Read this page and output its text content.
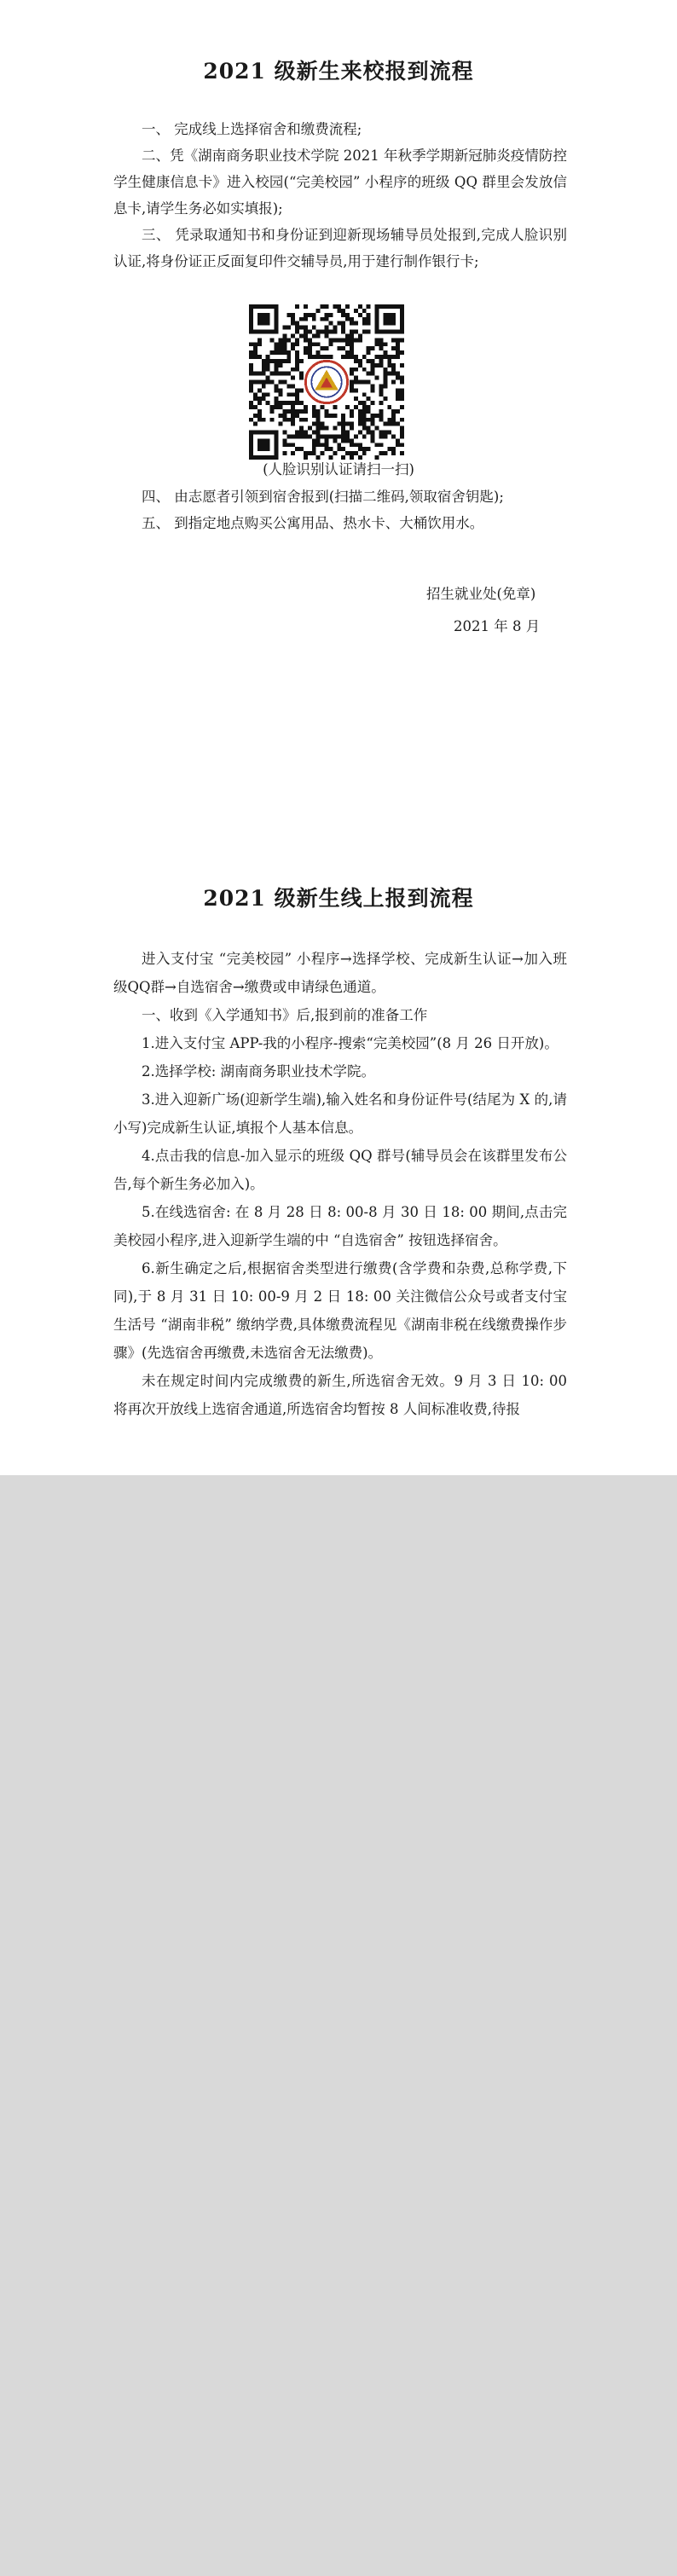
2021 级新生来校报到流程

一、 完成线上选择宿舍和缴费流程;

二、凭《湖南商务职业技术学院 2021 年秋季学期新冠肺炎疫情防控学生健康信息卡》进入校园(“完美校园” 小程序的班级 QQ 群里会发放信息卡,请学生务必如实填报);

三、 凭录取通知书和身份证到迎新现场辅导员处报到,完成人脸识别认证,将身份证正反面复印件交辅导员,用于建行制作银行卡;

(人脸识别认证请扫一扫)

四、 由志愿者引领到宿舍报到(扫描二维码,领取宿舍钥匙);

五、 到指定地点购买公寓用品、热水卡、大桶饮用水。

招生就业处(免章)
2021 年 8 月
2021 级新生线上报到流程

进入支付宝 “完美校园” 小程序→选择学校、完成新生认证→加入班级QQ群→自选宿舍→缴费或申请绿色通道。

一、收到《入学通知书》后,报到前的准备工作

1.进入支付宝 APP-我的小程序-搜索“完美校园”(8 月 26 日开放)。

2.选择学校: 湖南商务职业技术学院。

3.进入迎新广场(迎新学生端),输入姓名和身份证件号(结尾为 X 的,请小写)完成新生认证,填报个人基本信息。

4.点击我的信息-加入显示的班级 QQ 群号(辅导员会在该群里发布公告,每个新生务必加入)。

5.在线选宿舍: 在 8 月 28 日 8: 00-8 月 30 日 18: 00 期间,点击完美校园小程序,进入迎新学生端的中 “自选宿舍” 按钮选择宿舍。

6.新生确定之后,根据宿舍类型进行缴费(含学费和杂费,总称学费,下同),于 8 月 31 日 10: 00-9 月 2 日 18: 00 关注微信公众号或者支付宝生活号 “湖南非税” 缴纳学费,具体缴费流程见《湖南非税在线缴费操作步骤》(先选宿舍再缴费,未选宿舍无法缴费)。

未在规定时间内完成缴费的新生,所选宿舍无效。9 月 3 日 10: 00 将再次开放线上选宿舍通道,所选宿舍均暂按 8 人间标准收费,待报
